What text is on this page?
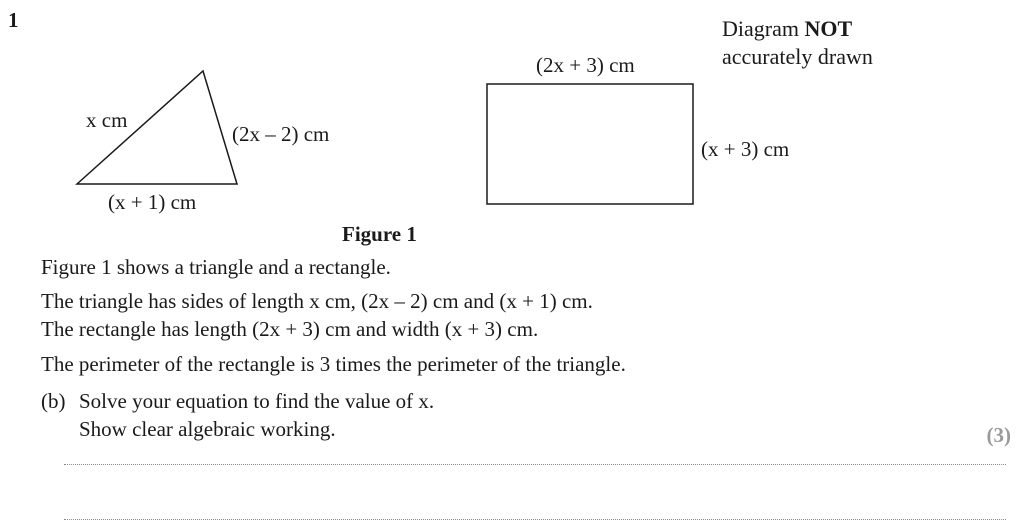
1	Diagram NOT
accurately drawn
x cm
(2x – 2) cm
(x + 1) cm
(2x + 3) cm
(x + 3) cm
Figure 1
Figure 1 shows a triangle and a rectangle.
The triangle has sides of length x cm, (2x – 2) cm and (x + 1) cm.
The rectangle has length (2x + 3) cm and width (x + 3) cm.
The perimeter of the rectangle is 3 times the perimeter of the triangle.
(b) Solve your equation to find the value of x.
Show clear algebraic working.	(3)
